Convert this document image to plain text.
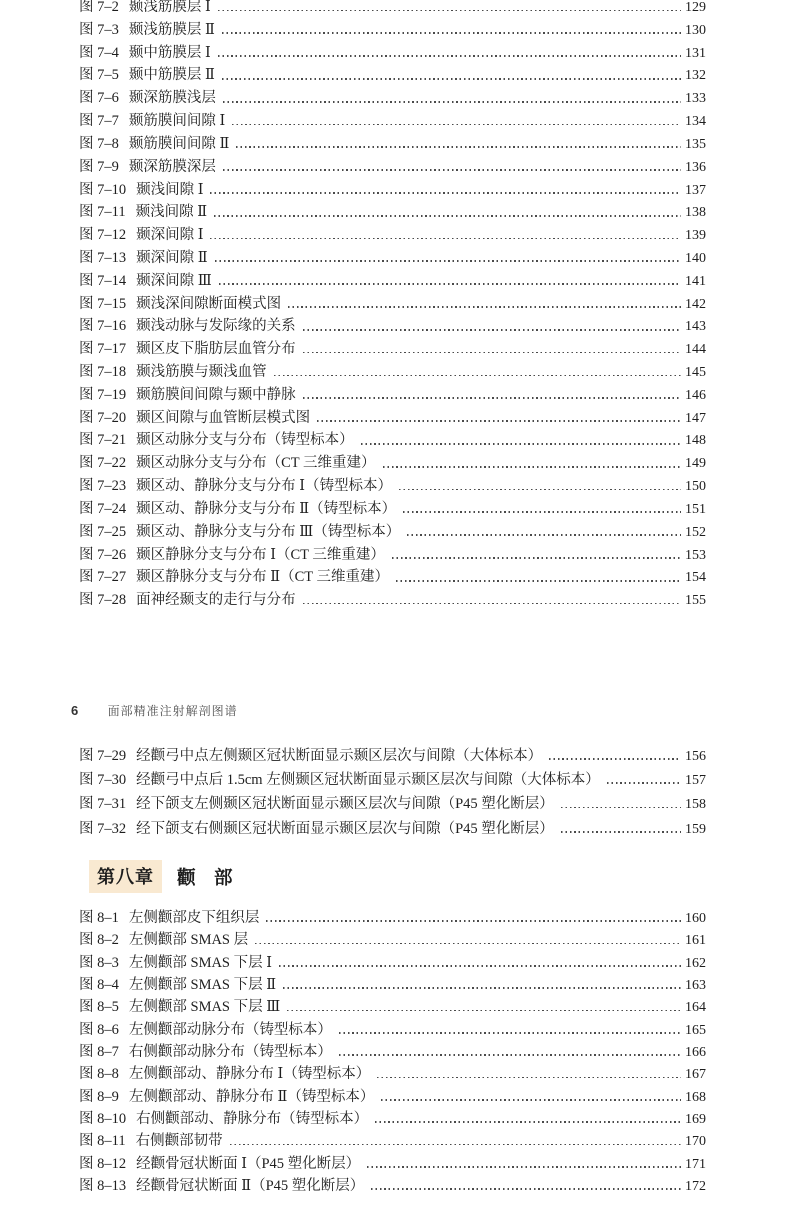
图 7–2 颞浅筋膜层 Ⅰ	129
图 7–3 颞浅筋膜层 Ⅱ	130
图 7–4 颞中筋膜层 Ⅰ	131
图 7–5 颞中筋膜层 Ⅱ	132
图 7–6 颞深筋膜浅层	133
图 7–7 颞筋膜间间隙 Ⅰ	134
图 7–8 颞筋膜间间隙 Ⅱ	135
图 7–9 颞深筋膜深层	136
图 7–10 颞浅间隙 Ⅰ	137
图 7–11 颞浅间隙 Ⅱ	138
图 7–12 颞深间隙 Ⅰ	139
图 7–13 颞深间隙 Ⅱ	140
图 7–14 颞深间隙 Ⅲ	141
图 7–15 颞浅深间隙断面模式图	142
图 7–16 颞浅动脉与发际缘的关系	143
图 7–17 颞区皮下脂肪层血管分布	144
图 7–18 颞浅筋膜与颞浅血管	145
图 7–19 颞筋膜间间隙与颞中静脉	146
图 7–20 颞区间隙与血管断层模式图	147
图 7–21 颞区动脉分支与分布（铸型标本）	148
图 7–22 颞区动脉分支与分布（CT 三维重建）	149
图 7–23 颞区动、静脉分支与分布 Ⅰ（铸型标本）	150
图 7–24 颞区动、静脉分支与分布 Ⅱ（铸型标本）	151
图 7–25 颞区动、静脉分支与分布 Ⅲ（铸型标本）	152
图 7–26 颞区静脉分支与分布 Ⅰ（CT 三维重建）	153
图 7–27 颞区静脉分支与分布 Ⅱ（CT 三维重建）	154
图 7–28 面神经颞支的走行与分布	155
6 面部精准注射解剖图谱
图 7–29 经颧弓中点左侧颞区冠状断面显示颞区层次与间隙（大体标本）	156
图 7–30 经颧弓中点后 1.5cm 左侧颞区冠状断面显示颞区层次与间隙（大体标本）	157
图 7–31 经下颌支左侧颞区冠状断面显示颞区层次与间隙（P45 塑化断层）	158
图 7–32 经下颌支右侧颞区冠状断面显示颞区层次与间隙（P45 塑化断层）	159
第八章	颧　部
图 8–1 左侧颧部皮下组织层	160
图 8–2 左侧颧部 SMAS 层	161
图 8–3 左侧颧部 SMAS 下层 Ⅰ	162
图 8–4 左侧颧部 SMAS 下层 Ⅱ	163
图 8–5 左侧颧部 SMAS 下层 Ⅲ	164
图 8–6 左侧颧部动脉分布（铸型标本）	165
图 8–7 右侧颧部动脉分布（铸型标本）	166
图 8–8 左侧颧部动、静脉分布 Ⅰ（铸型标本）	167
图 8–9 左侧颧部动、静脉分布 Ⅱ（铸型标本）	168
图 8–10 右侧颧部动、静脉分布（铸型标本）	169
图 8–11 右侧颧部韧带	170
图 8–12 经颧骨冠状断面 Ⅰ（P45 塑化断层）	171
图 8–13 经颧骨冠状断面 Ⅱ（P45 塑化断层）	172
